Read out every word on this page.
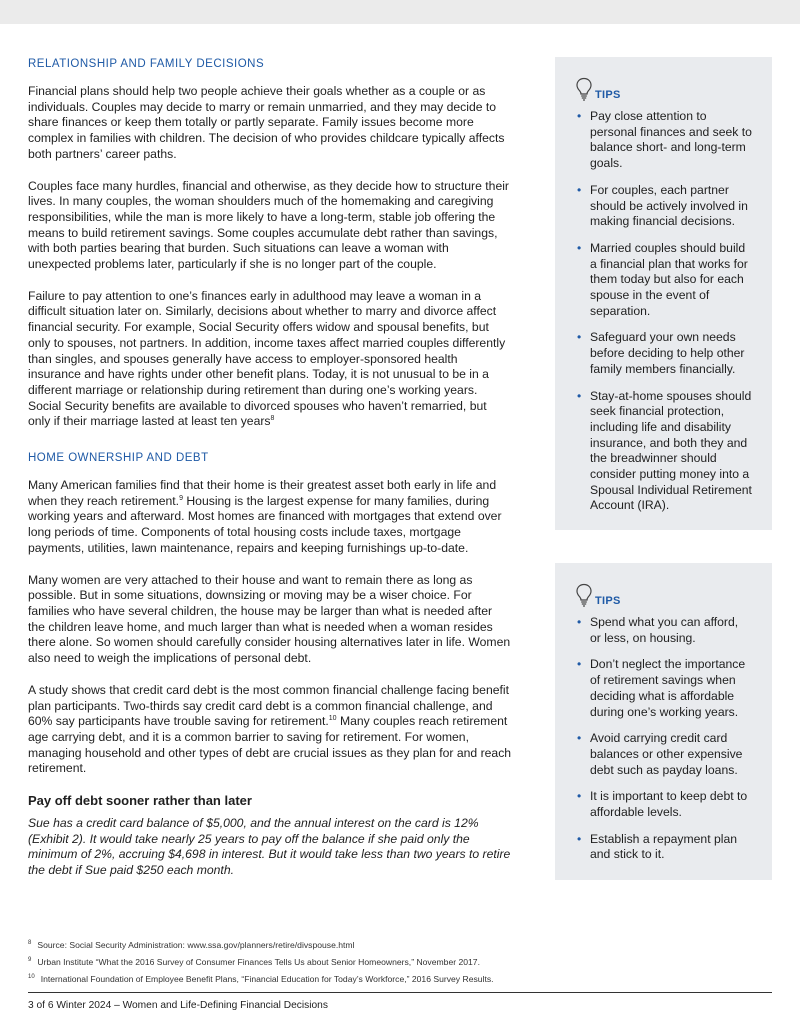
RELATIONSHIP AND FAMILY DECISIONS

Financial plans should help two people achieve their goals whether as a couple or as individuals. Couples may decide to marry or remain unmarried, and they may decide to share finances or keep them totally or partly separate. Family issues become more complex in families with children. The decision of who provides childcare typically affects both partners’ career paths.

Couples face many hurdles, financial and otherwise, as they decide how to structure their lives. In many couples, the woman shoulders much of the homemaking and caregiving responsibilities, while the man is more likely to have a long-term, stable job offering the means to build retirement savings. Some couples accumulate debt rather than savings, with both parties bearing that burden. Such situations can leave a woman with unexpected problems later, particularly if she is no longer part of the couple.

Failure to pay attention to one’s finances early in adulthood may leave a woman in a difficult situation later on. Similarly, decisions about whether to marry and divorce affect financial security. For example, Social Security offers widow and spousal benefits, but only to spouses, not partners. In addition, income taxes affect married couples differently than singles, and spouses generally have access to employer-sponsored health insurance and have rights under other benefit plans. Today, it is not unusual to be in a different marriage or relationship during retirement than during one’s working years. Social Security benefits are available to divorced spouses who haven’t remarried, but only if their marriage lasted at least ten years$^8$

HOME OWNERSHIP AND DEBT

Many American families find that their home is their greatest asset both early in life and when they reach retirement.$^9$ Housing is the largest expense for many families, during working years and afterward. Most homes are financed with mortgages that extend over long periods of time. Components of total housing costs include taxes, mortgage payments, utilities, lawn maintenance, repairs and keeping furnishings up-to-date.

Many women are very attached to their house and want to remain there as long as possible. But in some situations, downsizing or moving may be a wiser choice. For families who have several children, the house may be larger than what is needed after the children leave home, and much larger than what is needed when a woman resides there alone. So women should carefully consider housing alternatives later in life. Women also need to weigh the implications of personal debt.

A study shows that credit card debt is the most common financial challenge facing benefit plan participants. Two-thirds say credit card debt is a common financial challenge, and 60% say participants have trouble saving for retirement.$^{10}$ Many couples reach retirement age carrying debt, and it is a common barrier to saving for retirement. For women, managing household and other types of debt are crucial issues as they plan for and reach retirement.

Pay off debt sooner rather than later

Sue has a credit card balance of $5,000, and the annual interest on the card is 12% (Exhibit 2). It would take nearly 25 years to pay off the balance if she paid only the minimum of 2%, accruing $4,698 in interest. But it would take less than two years to retire the debt if Sue paid $250 each month.

TIPS
• Pay close attention to personal finances and seek to balance short- and long-term goals.
• For couples, each partner should be actively involved in making financial decisions.
• Married couples should build a financial plan that works for them today but also for each spouse in the event of separation.
• Safeguard your own needs before deciding to help other family members financially.
• Stay-at-home spouses should seek financial protection, including life and disability insurance, and both they and the breadwinner should consider putting money into a Spousal Individual Retirement Account (IRA).
TIPS
• Spend what you can afford, or less, on housing.
• Don’t neglect the importance of retirement savings when deciding what is affordable during one’s working years.
• Avoid carrying credit card balances or other expensive debt such as payday loans.
• It is important to keep debt to affordable levels.
• Establish a repayment plan and stick to it.
$^8$ Source: Social Security Administration: www.ssa.gov/planners/retire/divspouse.html
$^9$ Urban Institute “What the 2016 Survey of Consumer Finances Tells Us about Senior Homeowners,” November 2017.
$^{10}$ International Foundation of Employee Benefit Plans, “Financial Education for Today’s Workforce,” 2016 Survey Results.
3 of 6 Winter 2024 – Women and Life-Defining Financial Decisions
